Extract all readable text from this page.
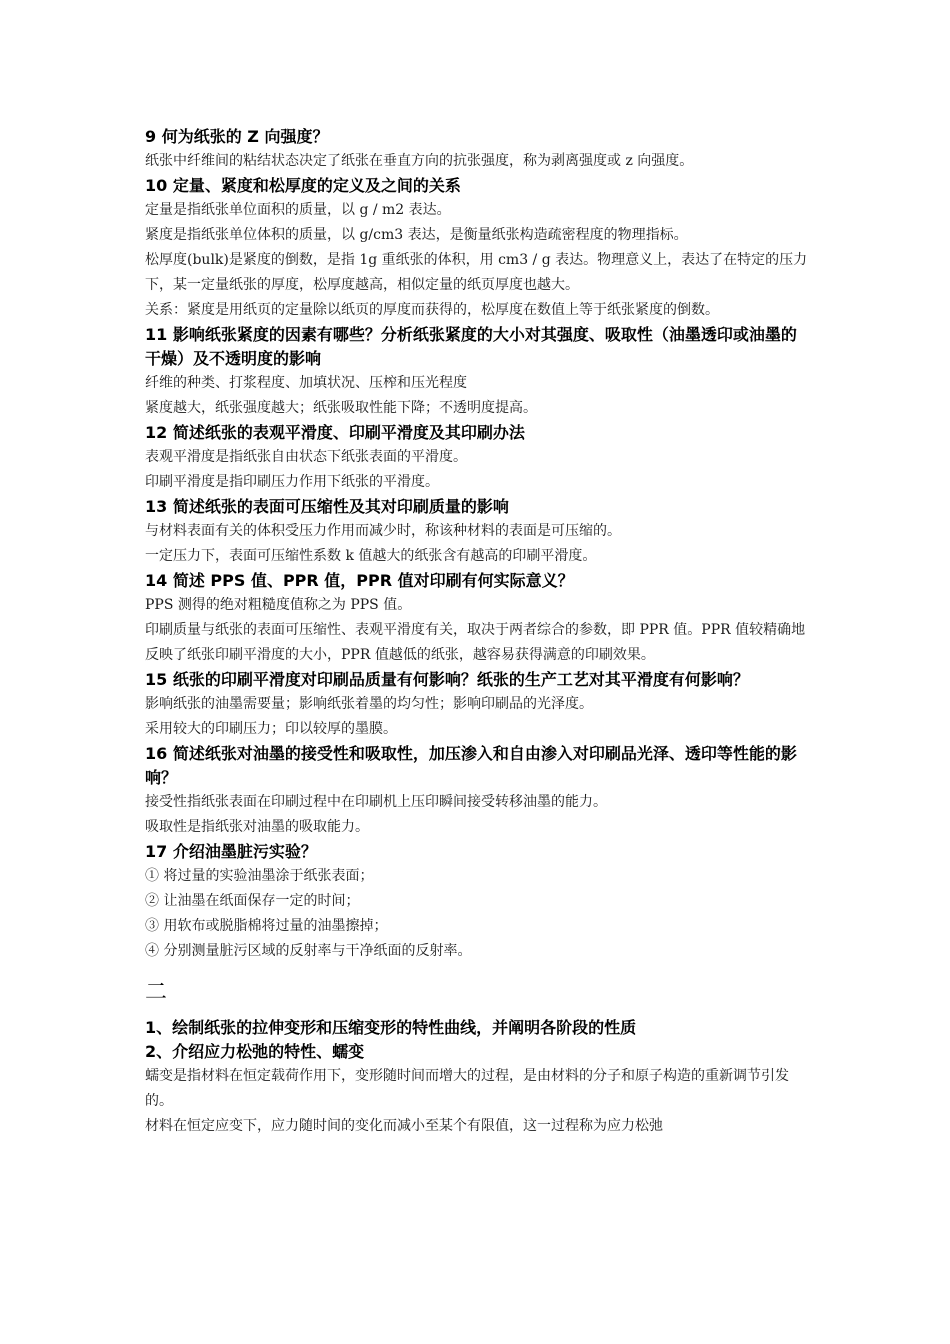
9 何为纸张的 Z 向强度？
纸张中纤维间的粘结状态决定了纸张在垂直方向的抗张强度，称为剥离强度或 z 向强度。
10 定量、紧度和松厚度的定义及之间的关系
定量是指纸张单位面积的质量，以 g / m2 表达。
紧度是指纸张单位体积的质量，以 g/cm3 表达，是衡量纸张构造疏密程度的物理指标。
松厚度(bulk)是紧度的倒数，是指 1g 重纸张的体积，用 cm3 / g 表达。物理意义上，表达了在特定的压力下，某一定量纸张的厚度，松厚度越高，相似定量的纸页厚度也越大。
关系：紧度是用纸页的定量除以纸页的厚度而获得的，松厚度在数值上等于纸张紧度的倒数。
11 影响纸张紧度的因素有哪些？分析纸张紧度的大小对其强度、吸取性（油墨透印或油墨的干燥）及不透明度的影响
纤维的种类、打浆程度、加填状况、压榨和压光程度
紧度越大，纸张强度越大；纸张吸取性能下降；不透明度提高。
12 简述纸张的表观平滑度、印刷平滑度及其印刷办法
表观平滑度是指纸张自由状态下纸张表面的平滑度。
印刷平滑度是指印刷压力作用下纸张的平滑度。
13 简述纸张的表面可压缩性及其对印刷质量的影响
与材料表面有关的体积受压力作用而减少时，称该种材料的表面是可压缩的。
一定压力下，表面可压缩性系数 k 值越大的纸张含有越高的印刷平滑度。
14 简述 PPS 值、PPR 值，PPR 值对印刷有何实际意义？
PPS 测得的绝对粗糙度值称之为 PPS 值。
印刷质量与纸张的表面可压缩性、表观平滑度有关，取决于两者综合的参数，即 PPR 值。PPR 值较精确地反映了纸张印刷平滑度的大小，PPR 值越低的纸张，越容易获得满意的印刷效果。
15 纸张的印刷平滑度对印刷品质量有何影响？纸张的生产工艺对其平滑度有何影响？
影响纸张的油墨需要量；影响纸张着墨的均匀性；影响印刷品的光泽度。
采用较大的印刷压力；印以较厚的墨膜。
16 简述纸张对油墨的接受性和吸取性，加压渗入和自由渗入对印刷品光泽、透印等性能的影响？
接受性指纸张表面在印刷过程中在印刷机上压印瞬间接受转移油墨的能力。
吸取性是指纸张对油墨的吸取能力。
17 介绍油墨脏污实验？
① 将过量的实验油墨涂于纸张表面；
② 让油墨在纸面保存一定的时间；
③ 用软布或脱脂棉将过量的油墨擦掉；
④ 分别测量脏污区域的反射率与干净纸面的反射率。
二
1、绘制纸张的拉伸变形和压缩变形的特性曲线，并阐明各阶段的性质
2、介绍应力松弛的特性、蠕变
蠕变是指材料在恒定载荷作用下，变形随时间而增大的过程，是由材料的分子和原子构造的重新调节引发的。
材料在恒定应变下，应力随时间的变化而减小至某个有限值，这一过程称为应力松弛
